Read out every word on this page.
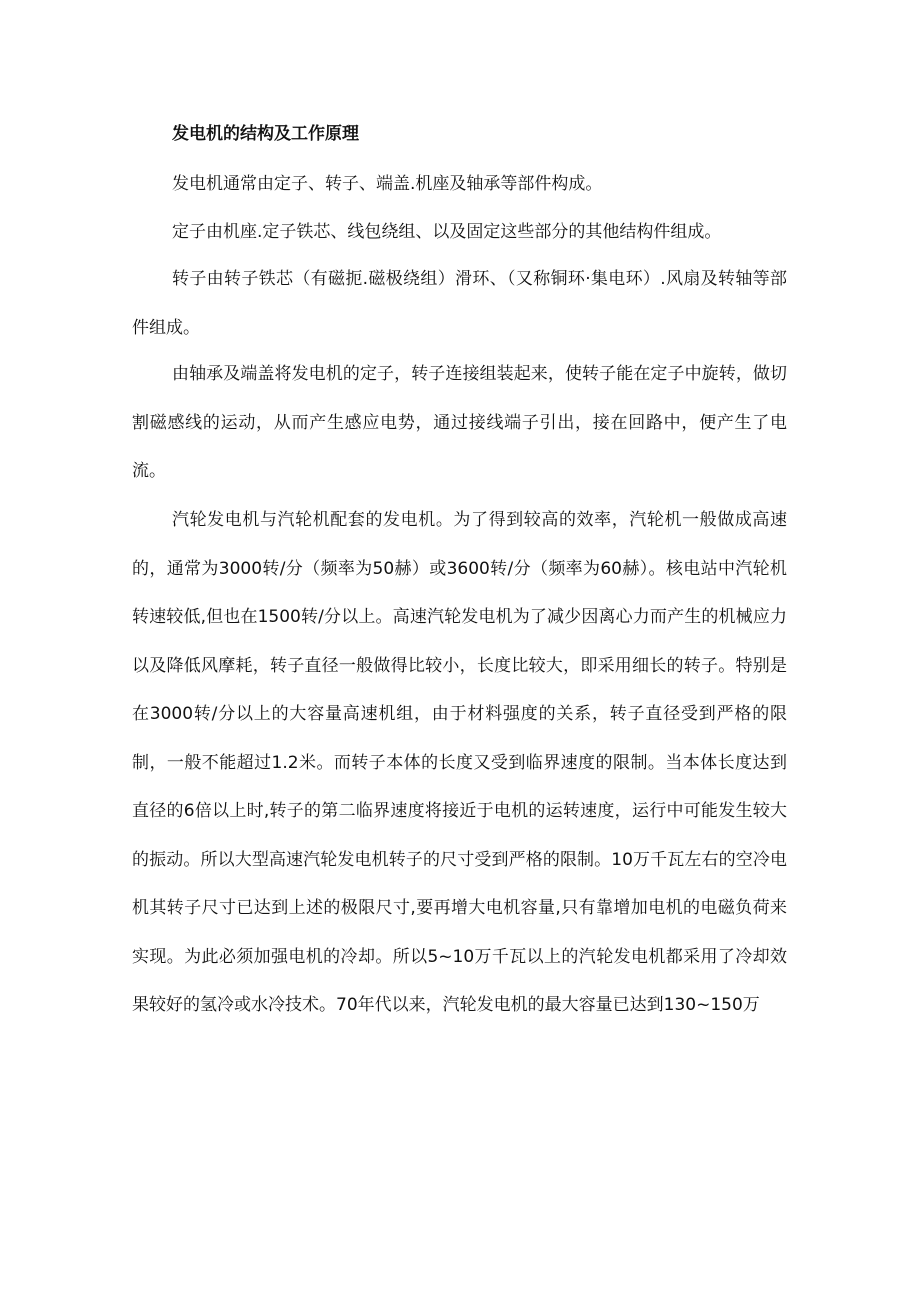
发电机的结构及工作原理

发电机通常由定子、转子、端盖.机座及轴承等部件构成。

定子由机座.定子铁芯、线包绕组、以及固定这些部分的其他结构件组成。

转子由转子铁芯（有磁扼.磁极绕组）滑环、（又称铜环·集电环）.风扇及转轴等部件组成。

由轴承及端盖将发电机的定子，转子连接组装起来，使转子能在定子中旋转，做切割磁感线的运动，从而产生感应电势，通过接线端子引出，接在回路中，便产生了电流。

汽轮发电机与汽轮机配套的发电机。为了得到较高的效率，汽轮机一般做成高速的，通常为3000转/分（频率为50赫）或3600转/分（频率为60赫）。核电站中汽轮机转速较低,但也在1500转/分以上。高速汽轮发电机为了减少因离心力而产生的机械应力以及降低风摩耗，转子直径一般做得比较小，长度比较大，即采用细长的转子。特别是在3000转/分以上的大容量高速机组，由于材料强度的关系，转子直径受到严格的限制，一般不能超过1.2米。而转子本体的长度又受到临界速度的限制。当本体长度达到直径的6倍以上时,转子的第二临界速度将接近于电机的运转速度，运行中可能发生较大的振动。所以大型高速汽轮发电机转子的尺寸受到严格的限制。10万千瓦左右的空冷电机其转子尺寸已达到上述的极限尺寸,要再增大电机容量,只有靠增加电机的电磁负荷来实现。为此必须加强电机的冷却。所以5~10万千瓦以上的汽轮发电机都采用了冷却效果较好的氢冷或水冷技术。70年代以来，汽轮发电机的最大容量已达到130~150万
